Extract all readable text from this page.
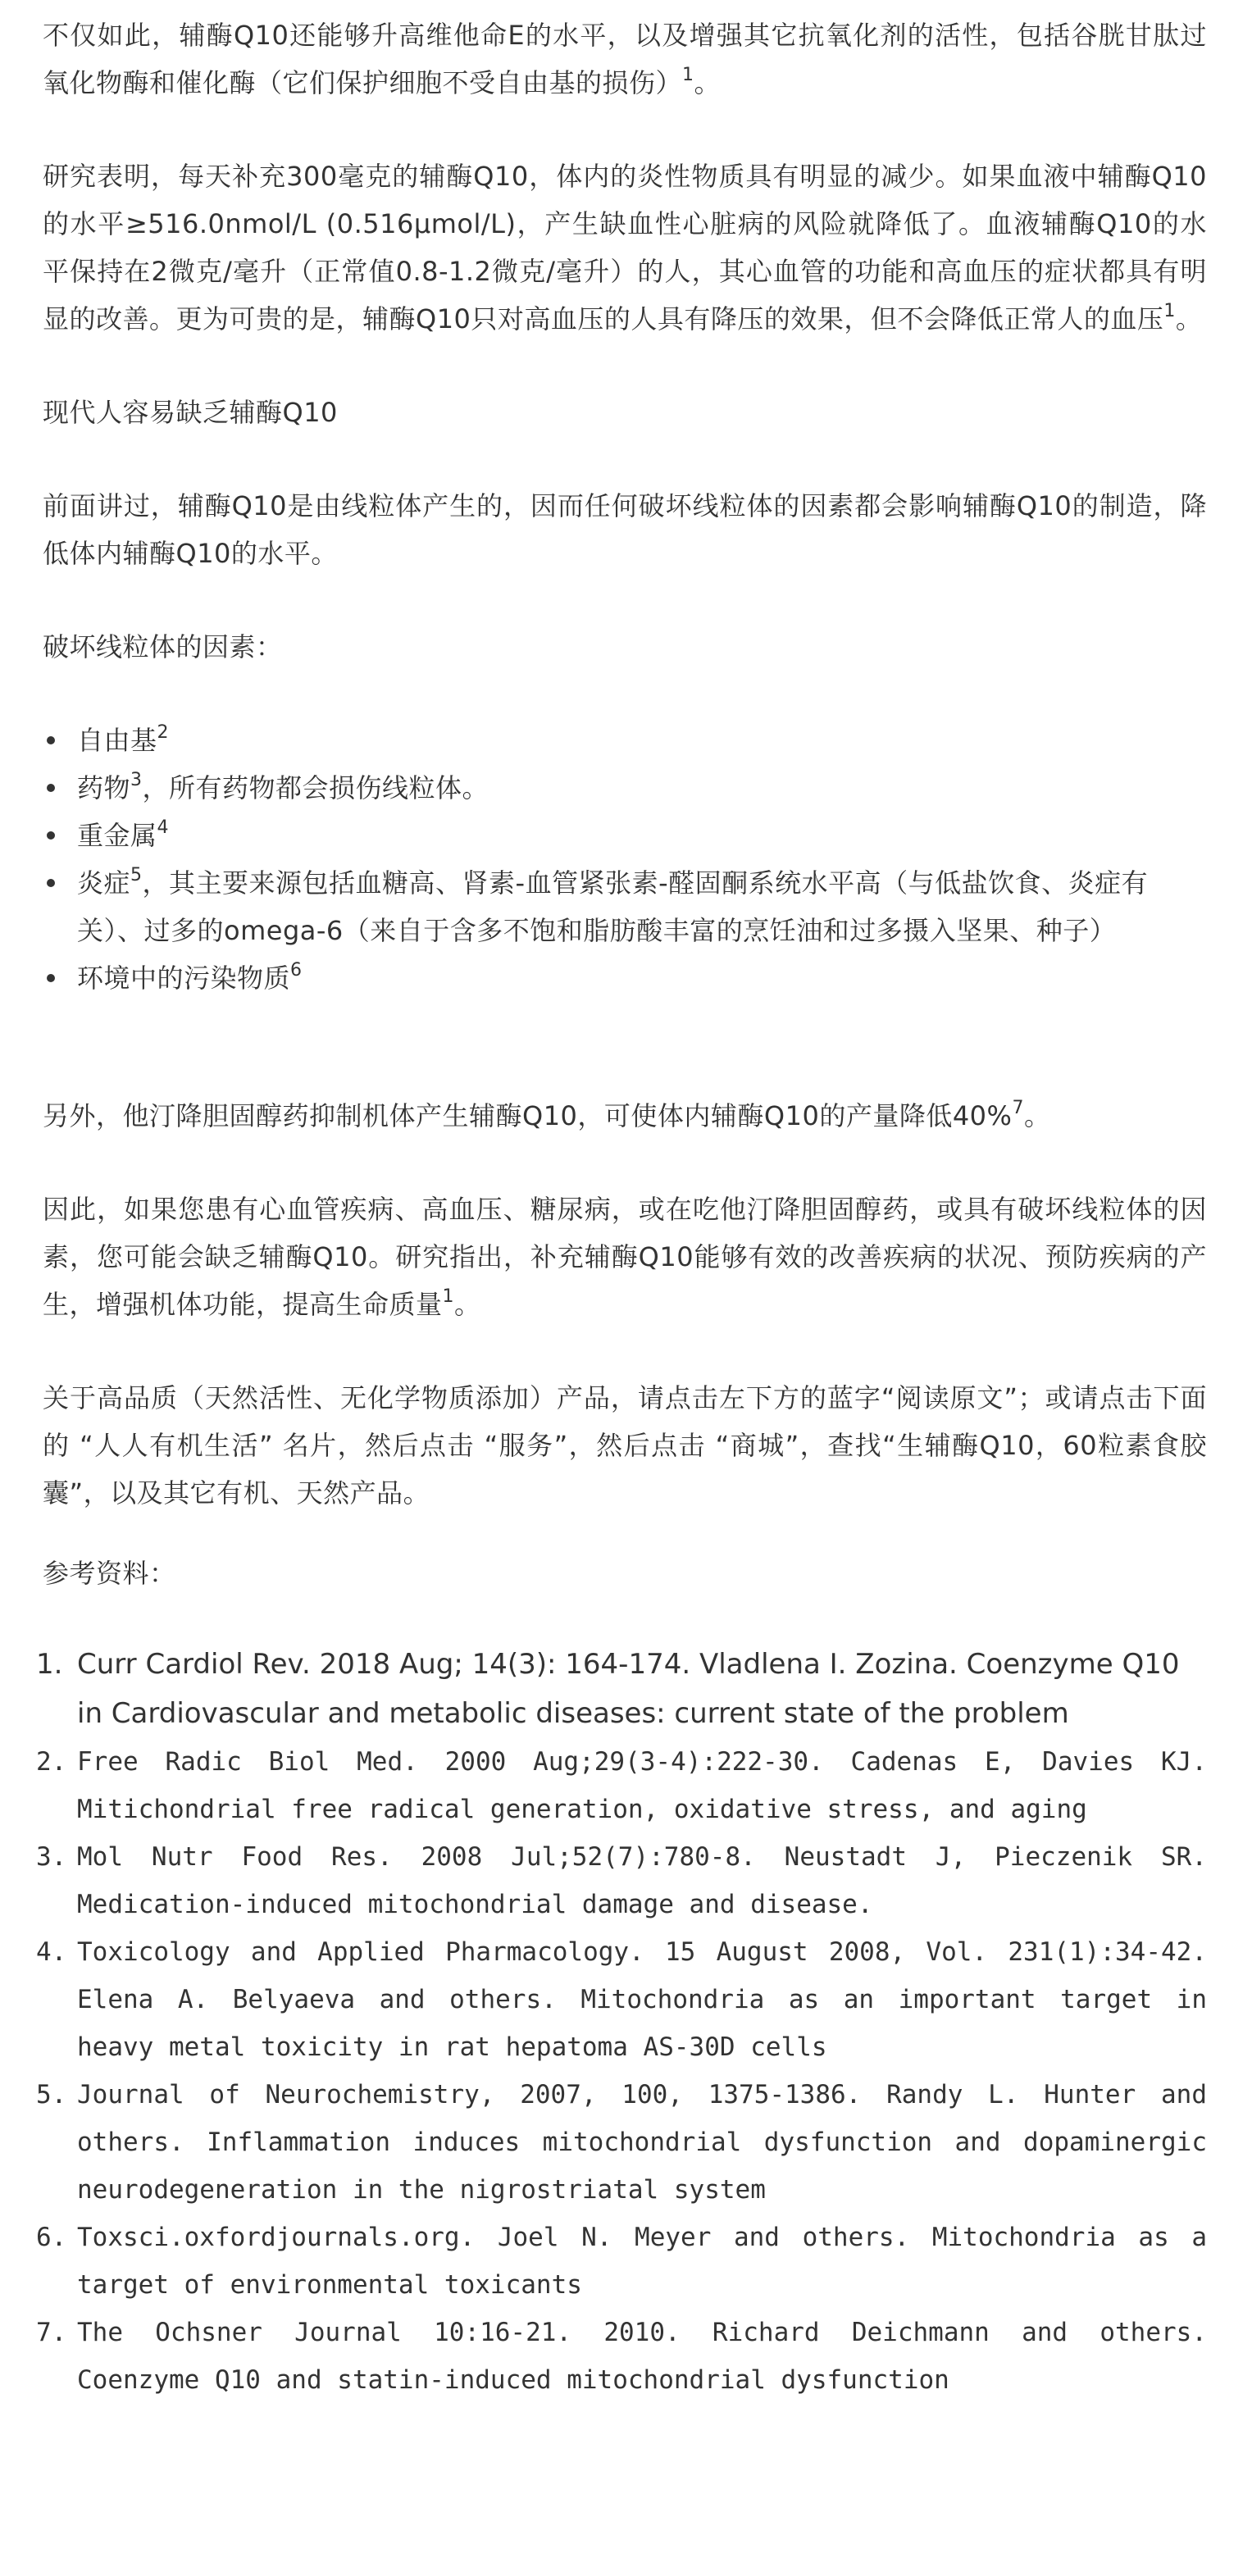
不仅如此，辅酶Q10还能够升高维他命E的水平，以及增强其它抗氧化剂的活性，包括谷胱甘肽过氧化物酶和催化酶（它们保护细胞不受自由基的损伤）$^1$。

研究表明，每天补充300毫克的辅酶Q10，体内的炎性物质具有明显的减少。如果血液中辅酶Q10的水平≥516.0nmol/L (0.516μmol/L)，产生缺血性心脏病的风险就降低了。血液辅酶Q10的水平保持在2微克/毫升（正常值0.8-1.2微克/毫升）的人，其心血管的功能和高血压的症状都具有明显的改善。更为可贵的是，辅酶Q10只对高血压的人具有降压的效果，但不会降低正常人的血压$^1$。

现代人容易缺乏辅酶Q10

前面讲过，辅酶Q10是由线粒体产生的，因而任何破坏线粒体的因素都会影响辅酶Q10的制造，降低体内辅酶Q10的水平。

破坏线粒体的因素：

自由基$^2$
药物$^3$，所有药物都会损伤线粒体。
重金属$^4$
炎症$^5$，其主要来源包括血糖高、肾素-血管紧张素-醛固酮系统水平高（与低盐饮食、炎症有关）、过多的omega-6（来自于含多不饱和脂肪酸丰富的烹饪油和过多摄入坚果、种子）
环境中的污染物质$^6$

另外，他汀降胆固醇药抑制机体产生辅酶Q10，可使体内辅酶Q10的产量降低40%$^7$。

因此，如果您患有心血管疾病、高血压、糖尿病，或在吃他汀降胆固醇药，或具有破坏线粒体的因素，您可能会缺乏辅酶Q10。研究指出，补充辅酶Q10能够有效的改善疾病的状况、预防疾病的产生，增强机体功能，提高生命质量$^1$。

关于高品质（天然活性、无化学物质添加）产品，请点击左下方的蓝字“阅读原文”；或请点击下面的 “人人有机生活” 名片，然后点击 “服务”，然后点击 “商城”，查找“生辅酶Q10，60粒素食胶囊”，以及其它有机、天然产品。

参考资料：

1. Curr Cardiol Rev. 2018 Aug; 14(3): 164-174. Vladlena I. Zozina. Coenzyme Q10 in Cardiovascular and metabolic diseases: current state of the problem
2. Free Radic Biol Med. 2000 Aug;29(3-4):222-30. Cadenas E, Davies KJ. Mitichondrial free radical generation, oxidative stress, and aging
3. Mol Nutr Food Res. 2008 Jul;52(7):780-8. Neustadt J, Pieczenik SR. Medication-induced mitochondrial damage and disease.
4. Toxicology and Applied Pharmacology. 15 August 2008, Vol. 231(1):34-42. Elena A. Belyaeva and others. Mitochondria as an important target in heavy metal toxicity in rat hepatoma AS-30D cells
5. Journal of Neurochemistry, 2007, 100, 1375-1386. Randy L. Hunter and others. Inflammation induces mitochondrial dysfunction and dopaminergic neurodegeneration in the nigrostriatal system
6. Toxsci.oxfordjournals.org. Joel N. Meyer and others. Mitochondria as a target of environmental toxicants
7. The Ochsner Journal 10:16-21. 2010. Richard Deichmann and others. Coenzyme Q10 and statin-induced mitochondrial dysfunction
